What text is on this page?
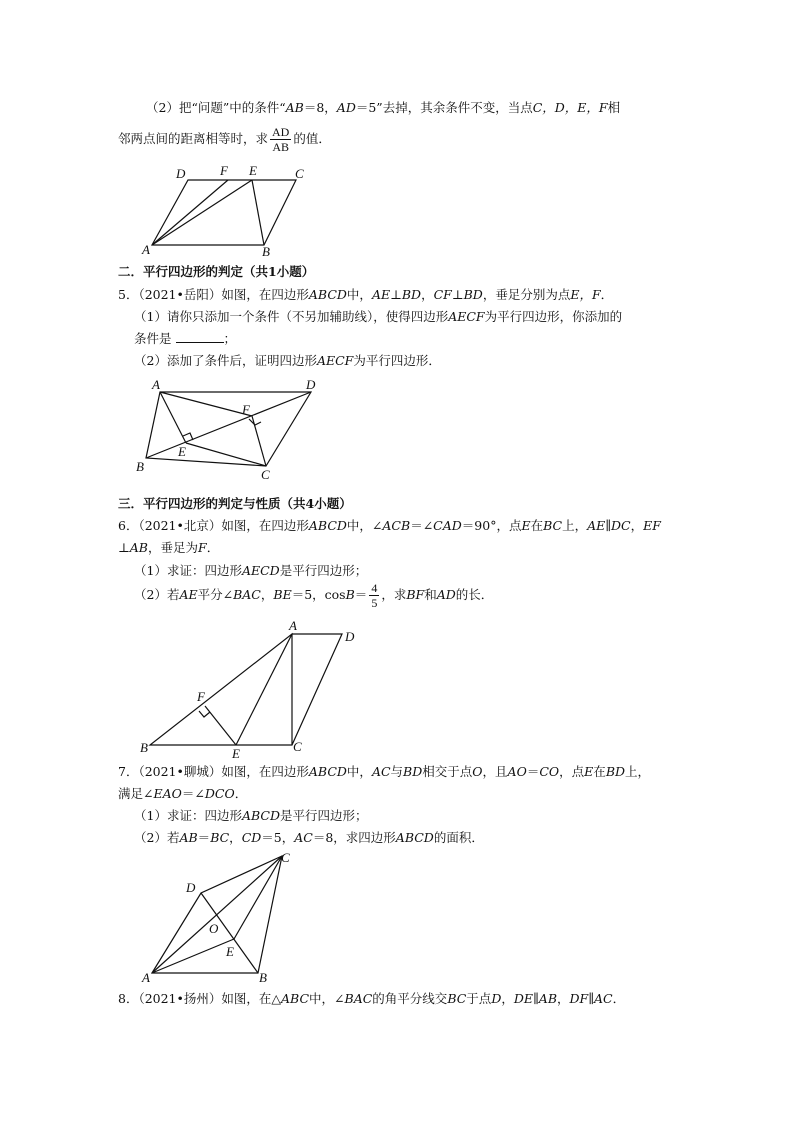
（2）把“问题”中的条件“AB＝8，AD＝5”去掉，其余条件不变，当点C，D，E，F相
邻两点间的距离相等时，求 $\frac{AD}{AB}$ 的值．
D	F E	C
A	B
A	D
F
E
B
C
A
D
F
B	E	C
C
D
O
E
A	B
二．平行四边形的判定（共1小题）
5．（2021•岳阳）如图，在四边形ABCD中，AE⊥BD，CF⊥BD，垂足分别为点E，F．
（1）请你只添加一个条件（不另加辅助线），使得四边形AECF为平行四边形，你添加的
条件是	；
（2）添加了条件后，证明四边形AECF为平行四边形．
三．平行四边形的判定与性质（共4小题）
6．（2021•北京）如图，在四边形ABCD中，∠ACB＝∠CAD＝90°，点E在BC上，AE∥DC，EF
⊥AB，垂足为F．
（1）求证：四边形AECD是平行四边形；
（2）若AE平分∠BAC，BE＝5，$\cos B= \frac{4}{5}$ ，求BF和AD的长．
7．（2021•聊城）如图，在四边形ABCD中，AC与BD相交于点O，且AO＝CO，点E在BD上，
满足∠EAO＝∠DCO．
（1）求证：四边形ABCD是平行四边形；
（2）若AB＝BC，CD＝5，AC＝8，求四边形ABCD的面积．
8．（2021•扬州）如图，在△ABC中，∠BAC的角平分线交BC于点D，DE∥AB，DF∥AC．
